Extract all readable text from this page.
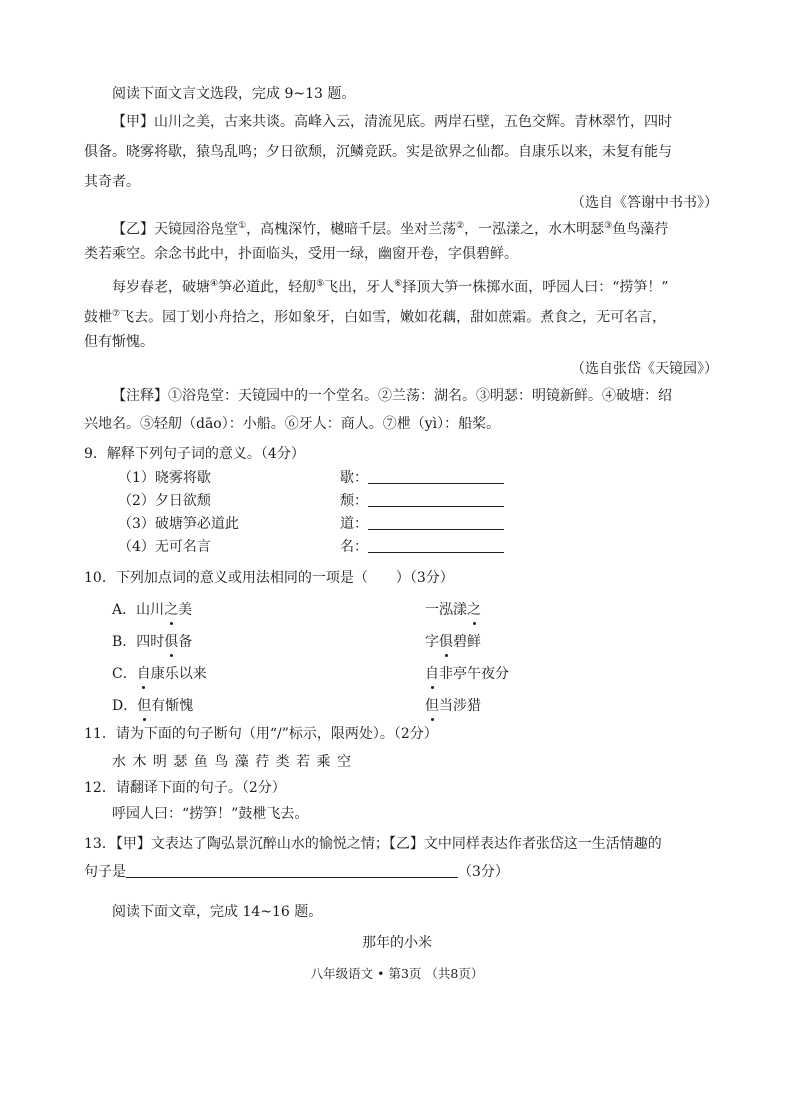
阅读下面文言文选段，完成 9~13 题。
【甲】山川之美，古来共谈。高峰入云，清流见底。两岸石壁，五色交辉。青林翠竹，四时
俱备。晓雾将歇，猿鸟乱鸣；夕日欲颓，沉鳞竞跃。实是欲界之仙都。自康乐以来，未复有能与
其奇者。
（选自《答谢中书书》）
【乙】天镜园浴凫堂①，高槐深竹，樾暗千层。坐对兰荡②，一泓漾之，水木明瑟③鱼鸟藻荇
类若乘空。余念书此中，扑面临头，受用一绿，幽窗开卷，字俱碧鲜。
每岁春老，破塘④笋必道此，轻舠⑤飞出，牙人⑥择顶大笋一株掷水面，呼园人曰：“捞笋！”
鼓枻⑦飞去。园丁划小舟拾之，形如象牙，白如雪，嫩如花藕，甜如蔗霜。煮食之，无可名言，
但有惭愧。
（选自张岱《天镜园》）
【注释】①浴凫堂：天镜园中的一个堂名。②兰荡：湖名。③明瑟：明镜新鲜。④破塘：绍
兴地名。⑤轻舠（dāo）：小船。⑥牙人：商人。⑦枻（yì）：船桨。
9．解释下列句子词的意义。（4分）
（1）晓雾将歇	歇：
（2）夕日欲颓	颓：
（3）破塘笋必道此	道：
（4）无可名言	名：
10．下列加点词的意义或用法相同的一项是（　　）（3分）
A．山川之美	一泓漾之
B．四时俱备	字俱碧鲜
C．自康乐以来	自非亭午夜分
D．但有惭愧	但当涉猎
11．请为下面的句子断句（用“/”标示，限两处）。（2分）
水 木 明 瑟 鱼 鸟 藻 荇 类 若 乘 空
12．请翻译下面的句子。（2分）
呼园人曰：“捞笋！”鼓枻飞去。
13．【甲】文表达了陶弘景沉醉山水的愉悦之情；【乙】文中同样表达作者张岱这一生活情趣的
句子是	（3分）
阅读下面文章，完成 14~16 题。
那年的小米
八年级语文 • 第3页 （共8页）
